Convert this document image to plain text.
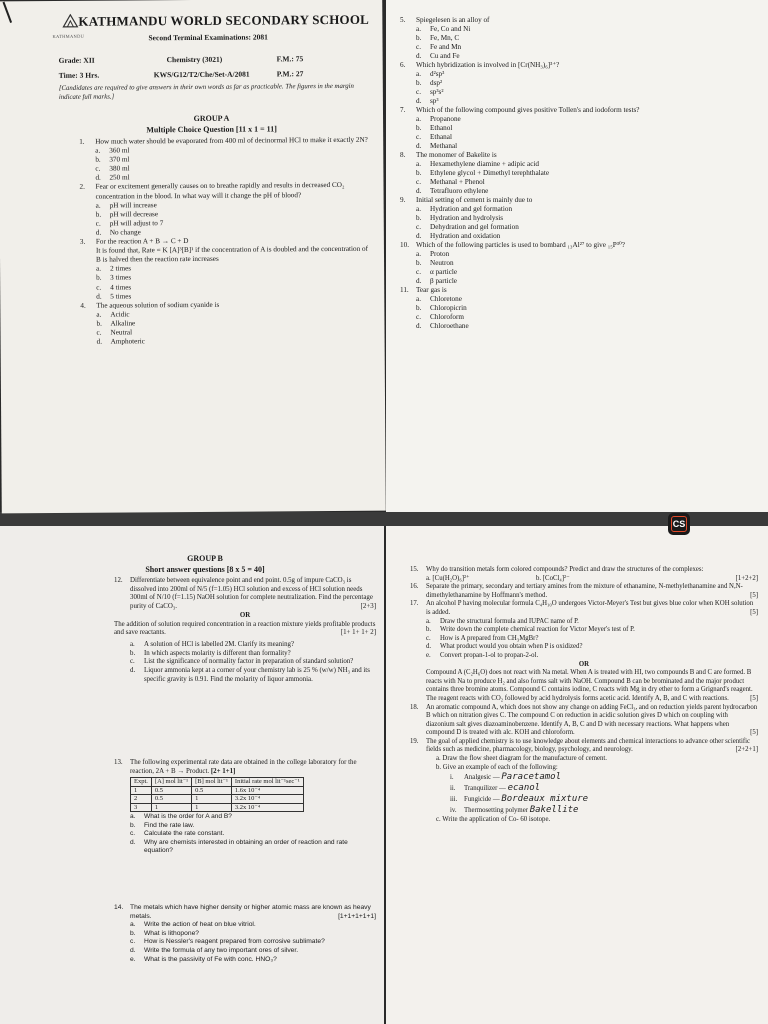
KATHMANDU WORLD SECONDARY SCHOOL
KATHMANDU	Second Terminal Examinations: 2081
Grade: XII	Chemistry (3021)	F.M.: 75
Time: 3 Hrs.	KWS/G12/T2/Che/Set-A/2081	P.M.: 27
[Candidates are required to give answers in their own words as far as practicable. The figures in the margin indicate full marks.]
GROUP A
Multiple Choice Question [11 x 1 = 11]
1.	How much water should be evaporated from 400 ml of decinormal HCl to make it exactly 2N?
a. 360 ml
b. 370 ml
c. 380 ml
d. 250 ml
2.	Fear or excitement generally causes on to breathe rapidly and results in decreased CO₂ concentration in the blood. In what way will it change the pH of blood?
a. pH will increase
b. pH will decrease
c. pH will adjust to 7
d. No change
3.	For the reaction A + B → C + D
It is found that, Rate = K [A]³[B]¹ if the concentration of A is doubled and the concentration of B is halved then the reaction rate increases
a. 2 times
b. 3 times
c. 4 times
d. 5 times
4.	The aqueous solution of sodium cyanide is
a. Acidic
b. Alkaline
c. Neutral
d. Amphoteric
5.	Spiegelesen is an alloy of
a. Fe, Co and Ni
b. Fe, Mn, C
c. Fe and Mn
d. Cu and Fe
6.	Which hybridization is involved in [Cr(NH₃)₆]³⁺?
a. d²sp³
b. dsp²
c. sp³s²
d. sp³
7.	Which of the following compound gives positive Tollen's and iodoform tests?
a. Propanone
b. Ethanol
c. Ethanal
d. Methanal
8.	The monomer of Bakelite is
a. Hexamethylene diamine + adipic acid
b. Ethylene glycol + Dimethyl terephthalate
c. Methanal + Phenol
d. Tetrafluoro ethylene
9.	Initial setting of cement is mainly due to
a. Hydration and gel formation
b. Hydration and hydrolysis
c. Dehydration and gel formation
d. Hydration and oxidation
10. Which of the following particles is used to bombard ₁₃Al²⁷ to give ₁₅P³⁰?
a. Proton
b. Neutron
c. α particle
d. β particle
11.	Tear gas is
a. Chloretone
b. Chloropicrin
c. Chloroform
d. Chloroethane
CS
GROUP B
Short answer questions [8 x 5 = 40]
12.	Differentiate between equivalence point and end point. 0.5g of impure CaCO₃ is dissolved into 200ml of N/5 (f=1.05) HCl solution and excess of HCl solution needs 300ml of N/10 (f=1.15) NaOH solution for complete neutralization. Find the percentage purity of CaCO₃.	[2+3]
OR
The addition of solution required concentration in a reaction mixture yields profitable products and save reactants.	[1+ 1+ 1+ 2]
a. A solution of HCl is labelled 2M. Clarify its meaning?
b. In which aspects molarity is different than formality?
c.	List the significance of normality factor in preparation of standard solution?
d.	Liquor ammonia kept at a corner of your chemistry lab is 25 % (w/w) NH₃ and its specific gravity is 0.91. Find the molarity of liquor ammonia.
13.	The following experimental rate data are obtained in the college laboratory for the reaction, 2A + B → Product. [2+ 1+1]
Expt.	[A] mol lit⁻¹	[B] mol lit⁻¹	Initial rate mol lit⁻¹sec⁻¹
1	0.5	0.5	1.6x 10⁻⁴
2	0.5	1	3.2x 10⁻⁴
3	1	1	3.2x 10⁻⁴
a. What is the order for A and B?
b. Find the rate law.
c. Calculate the rate constant.
d.	Why are chemists interested in obtaining an order of reaction and rate equation?
14.	The metals which have higher density or higher atomic mass are known as heavy metals.	[1+1+1+1+1]
a. Write the action of heat on blue vitriol.
b. What is lithopone?
c. How is Nessler's reagent prepared from corrosive sublimate?
d. Write the formula of any two important ores of silver.
e. What is the passivity of Fe with conc. HNO₃?
15.	Why do transition metals form colored compounds? Predict and draw the structures of the complexes:
a. [Cu(H₂O)₆]²⁺	b. [CoCl₄]²⁻	[1+2+2]
16.	Separate the primary, secondary and tertiary amines from the mixture of ethanamine, N-methylethanamine and N,N-dimethylethanamine by Hoffmann's method.	[5]
17.	An alcohol P having molecular formula C₄H₁₀O undergoes Victor-Meyer's Test but gives blue color when KOH solution is added.	[5]
a. Draw the structural formula and IUPAC name of P.
b.	Write down the complete chemical reaction for Victor Meyer's test of P.
c. How is A prepared from CH₃MgBr?
d. What product would you obtain when P is oxidized?
e. Convert propan-1-ol to propan-2-ol.
OR
Compound A (C₂H₆O) does not react with Na metal. When A is treated with HI, two compounds B and C are formed. B reacts with Na to produce H₂ and also forms salt with NaOH. Compound B can be brominated and the major product contains three bromine atoms. Compound C contains iodine, C reacts with Mg in dry ether to form a Grignard's reagent. The reagent reacts with CO₂ followed by acid hydrolysis forms acetic acid. Identify A, B, and C with reactions.	[5]
18.	An aromatic compound A, which does not show any change on adding FeCl₃, and on reduction yields parent hydrocarbon B which on nitration gives C. The compound C on reduction in acidic solution gives D which on coupling with diazonium salt gives diazoaminobenzene. Identify A, B, C and D with necessary reactions. What happens when compound D is treated with alc. KOH and chloroform.	[5]
19.	The goal of applied chemistry is to use knowledge about elements and chemical interactions to advance other scientific fields such as medicine, pharmacology, biology, psychology, and neurology.	[2+2+1]
a. Draw the flow sheet diagram for the manufacture of cement.
b. Give an example of each of the following:
i. Analgesic — Paracetamol
ii. Tranquilizer — ecanol
iii. Fungicide — Bordeaux mixture
iv. Thermosetting polymer Bakellite
c. Write the application of Co- 60 isotope.
